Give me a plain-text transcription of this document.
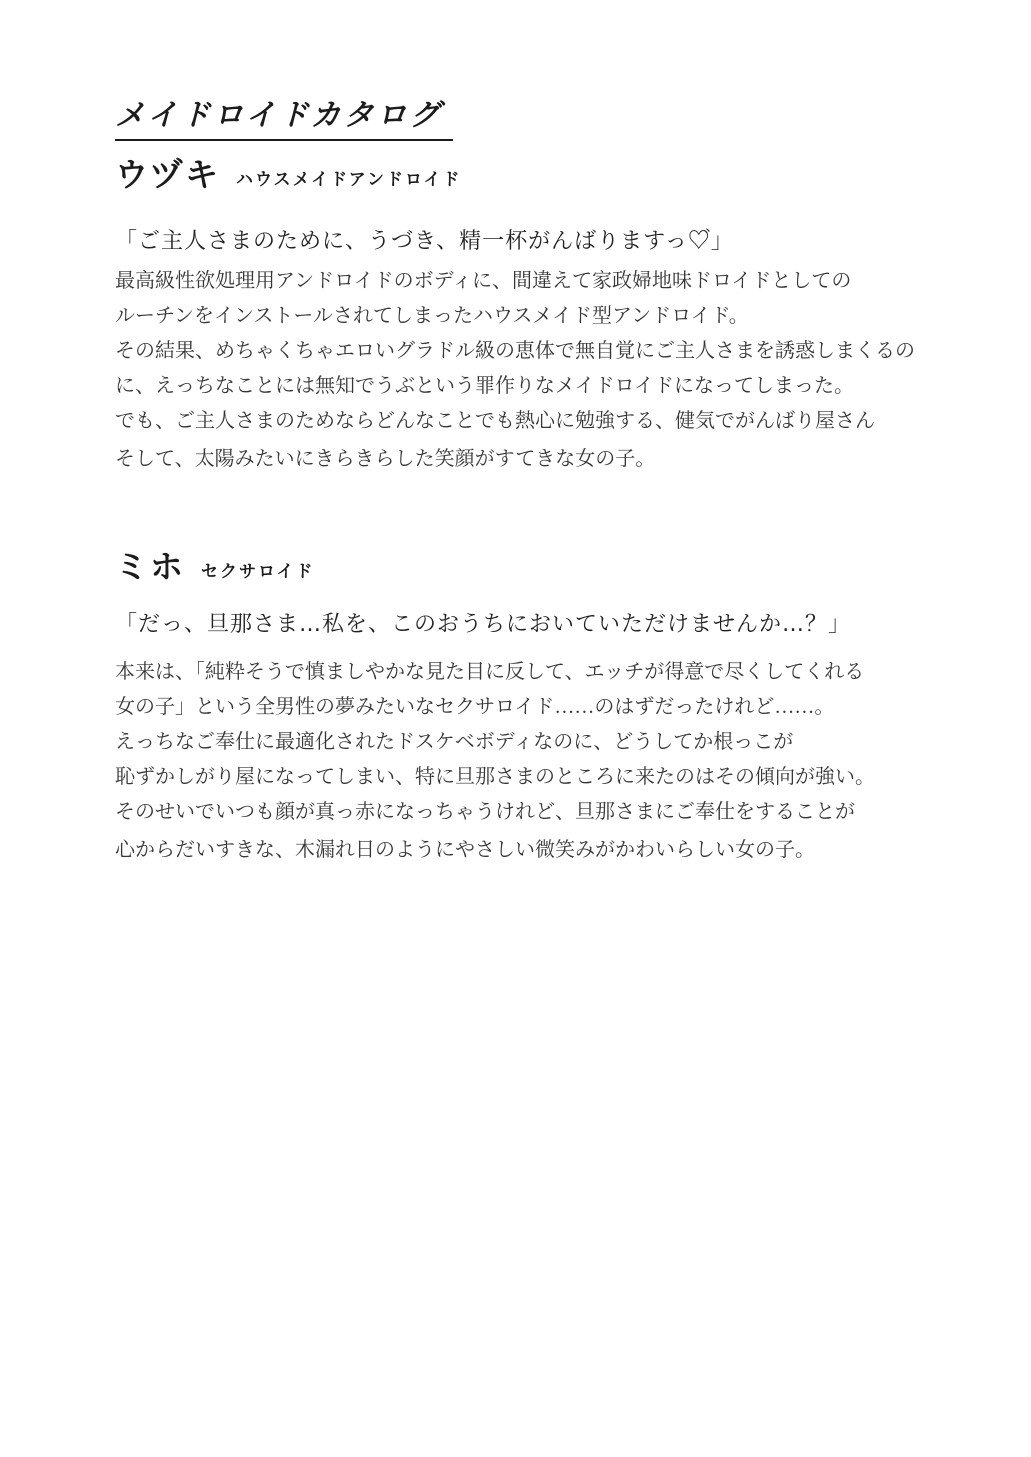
メイドロイドカタログ
ウヅキ ハウスメイドアンドロイド
「ご主人さまのために、うづき、精一杯がんばりますっ♡゙」
最高級性欲処理用アンドロイドのボディに、間違えて家政婦地味ドロイドとしての
ルーチンをインストールされてしまったハウスメイド型アンドロイド。
その結果、めちゃくちゃエロいグラドル級の恵体で無自覚にご主人さまを誘惑しまくるの
に、えっちなことには無知でうぶという罪作りなメイドロイドになってしまった。
でも、ご主人さまのためならどんなことでも熱心に勉強する、健気でがんばり屋さん
そして、太陽みたいにきらきらした笑顔がすてきな女の子。
ミホ セクサロイド
「だっ、旦那さま…私を、このおうちにおいていただけませんか…？」
本来は、「純粋そうで慎ましやかな見た目に反して、エッチが得意で尽くしてくれる
女の子」という全男性の夢みたいなセクサロイド……のはずだったけれど……。
えっちなご奉仕に最適化されたドスケベボディなのに、どうしてか根っこが
恥ずかしがり屋になってしまい、特に旦那さまのところに来たのはその傾向が強い。
そのせいでいつも顔が真っ赤になっちゃうけれど、旦那さまにご奉仕をすることが
心からだいすきな、木漏れ日のようにやさしい微笑みがかわいらしい女の子。
